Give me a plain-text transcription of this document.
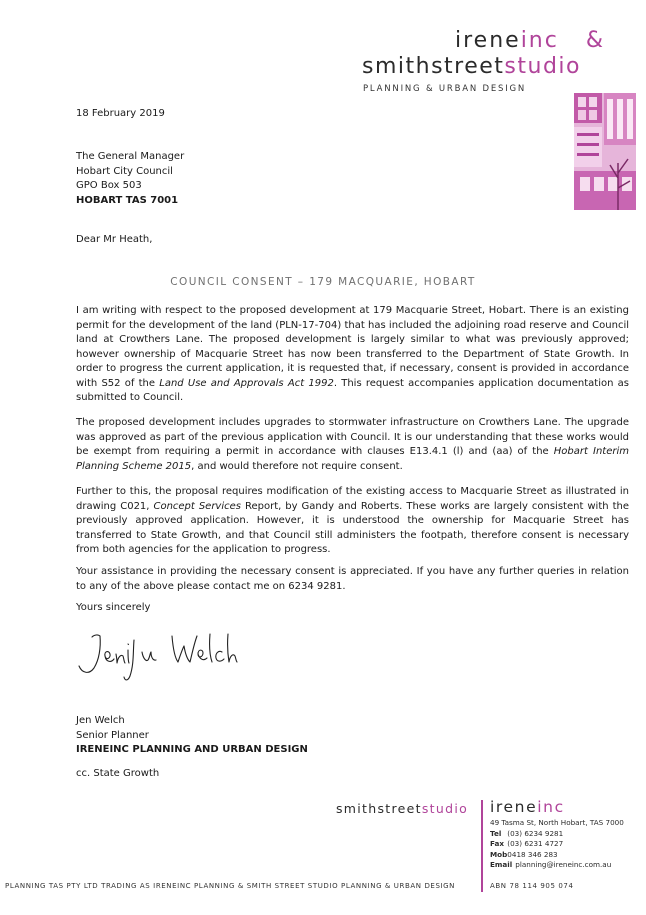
ireneinc &
smithstreetstudio
PLANNING & URBAN DESIGN
18 February 2019
The General Manager
Hobart City Council
GPO Box 503
HOBART TAS 7001
Dear Mr Heath,
COUNCIL CONSENT – 179 MACQUARIE, HOBART
I am writing with respect to the proposed development at 179 Macquarie Street, Hobart. There is an existing permit for the development of the land (PLN-17-704) that has included the adjoining road reserve and Council land at Crowthers Lane. The proposed development is largely similar to what was previously approved; however ownership of Macquarie Street has now been transferred to the Department of State Growth. In order to progress the current application, it is requested that, if necessary, consent is provided in accordance with S52 of the Land Use and Approvals Act 1992. This request accompanies application documentation as submitted to Council.
The proposed development includes upgrades to stormwater infrastructure on Crowthers Lane. The upgrade was approved as part of the previous application with Council. It is our understanding that these works would be exempt from requiring a permit in accordance with clauses E13.4.1 (l) and (aa) of the Hobart Interim Planning Scheme 2015, and would therefore not require consent.
Further to this, the proposal requires modification of the existing access to Macquarie Street as illustrated in drawing C021, Concept Services Report, by Gandy and Roberts. These works are largely consistent with the previously approved application. However, it is understood the ownership for Macquarie Street has transferred to State Growth, and that Council still administers the footpath, therefore consent is necessary from both agencies for the application to progress.
Your assistance in providing the necessary consent is appreciated. If you have any further queries in relation to any of the above please contact me on 6234 9281.
Yours sincerely
Jen Welch
Senior Planner
IRENEINC PLANNING AND URBAN DESIGN
cc. State Growth
smithstreetstudio ireneinc
49 Tasma St, North Hobart, TAS 7000
Tel (03) 6234 9281
Fax (03) 6231 4727
Mob 0418 346 283
Email planning@ireneinc.com.au
PLANNING TAS PTY LTD TRADING AS IRENEINC PLANNING & SMITH STREET STUDIO PLANNING & URBAN DESIGN	ABN 78 114 905 074
